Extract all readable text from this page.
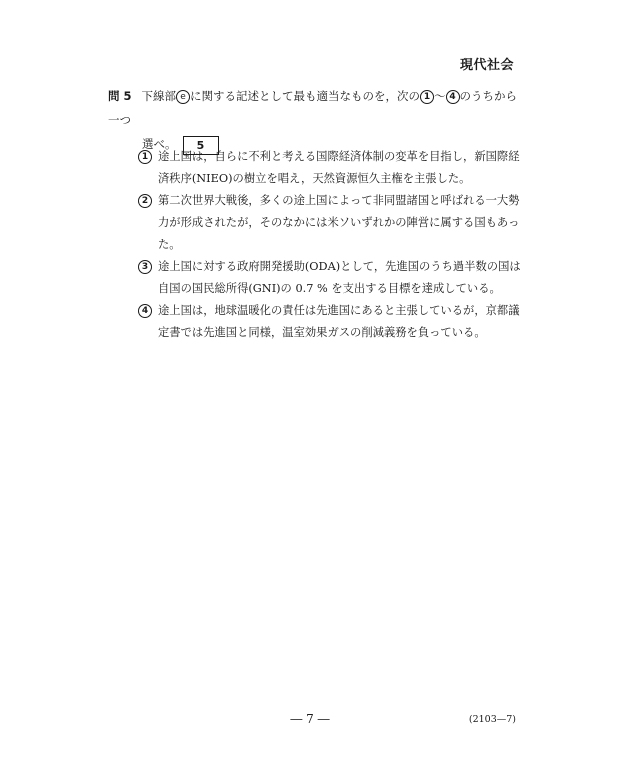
現代社会
問 5 下線部 e に関する記述として最も適当なものを，次の 1 ～ 4 のうちから一つ
選べ。 5
1 途上国は，自らに不利と考える国際経済体制の変革を目指し，新国際経済秩序(NIEO)の樹立を唱え，天然資源恒久主権を主張した。
2 第二次世界大戦後，多くの途上国によって非同盟諸国と呼ばれる一大勢力が形成されたが，そのなかには米ソいずれかの陣営に属する国もあった。
3 途上国に対する政府開発援助(ODA)として，先進国のうち過半数の国は自国の国民総所得(GNI)の 0.7 % を支出する目標を達成している。
4 途上国は，地球温暖化の責任は先進国にあると主張しているが，京都議定書では先進国と同様，温室効果ガスの削減義務を負っている。
― 7 ―	(2103—7)
